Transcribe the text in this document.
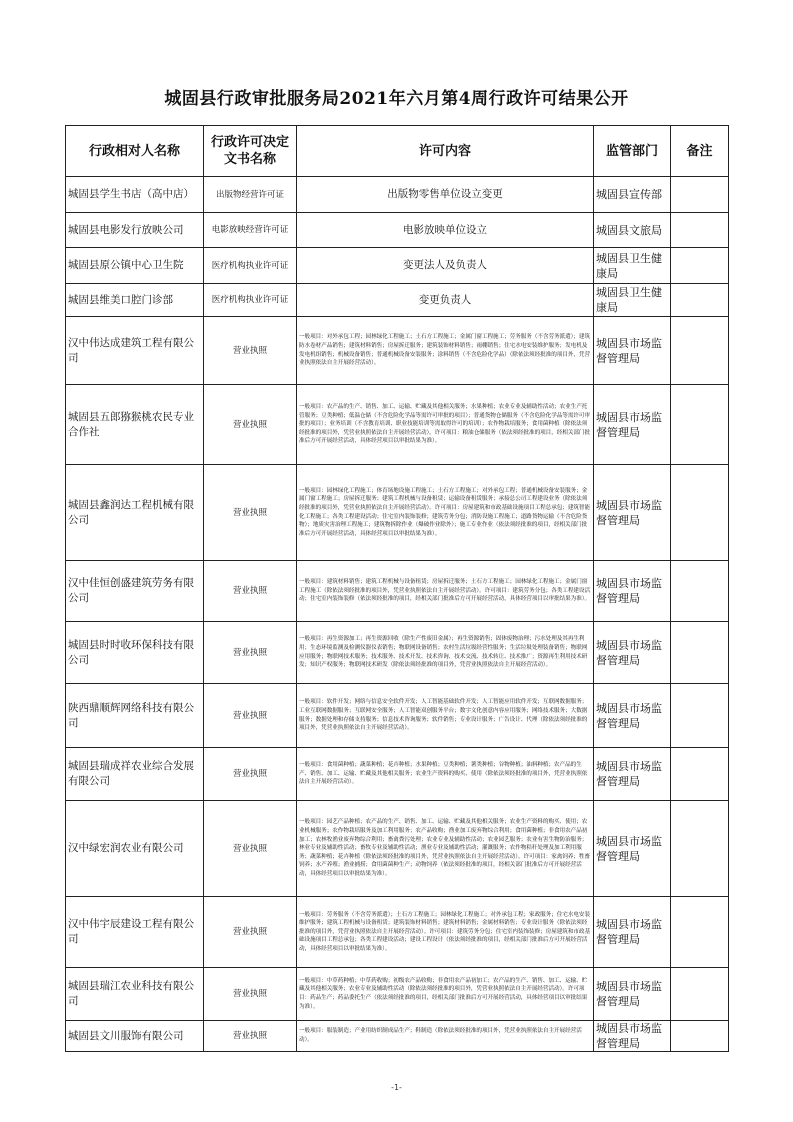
城固县行政审批服务局2021年六月第4周行政许可结果公开
行政相对人名称	行政许可决定
文书名称	许可内容	监管部门	备注
城固县学生书店（高中店）	出版物经营许可证	出版物零售单位设立变更	城固县宣传部	
城固县电影发行放映公司	电影放映经营许可证	电影放映单位设立	城固县文旅局	
城固县原公镇中心卫生院	医疗机构执业许可证	变更法人及负责人	城固县卫生健康局	
城固县维美口腔门诊部	医疗机构执业许可证	变更负责人	城固县卫生健康局	
汉中伟达成建筑工程有限公司	营业执照	一般项目：对外承包工程；园林绿化工程施工；土石方工程施工；金属门窗工程施工；劳务服务（不含劳务派遣）；建筑防水卷材产品销售；建筑材料销售；房屋拆迁服务；建筑装饰材料销售；雨棚销售；住宅水电安装维护服务；发电机及发电机组销售；机械设备销售；普通机械设备安装服务；涂料销售（不含危险化学品）（除依法须经批准的项目外，凭营业执照依法自主开展经营活动）。	城固县市场监督管理局	
城固县五郎猕猴桃农民专业合作社	营业执照	一般项目：农产品的生产、销售、加工、运输、贮藏及其他相关服务；水果种植；农业专业及辅助性活动；农业生产托管服务；豆类种植；低温仓储（不含危险化学品等需许可审批的项目）；普通货物仓储服务（不含危险化学品等需许可审批的项目）；业务培训（不含教育培训、职业技能培训等需取得许可的培训）；农作物栽培服务；食用菌种植（除依法须经批准的项目外，凭营业执照依法自主开展经营活动）。许可项目：粮油仓储服务（依法须经批准的项目，经相关部门批准后方可开展经营活动，具体经营项目以审批结果为准）。	城固县市场监督管理局	
城固县鑫润达工程机械有限公司	营业执照	一般项目：园林绿化工程施工；体育场地设施工程施工；土石方工程施工；对外承包工程；普通机械设备安装服务；金属门窗工程施工；房屋拆迁服务；建筑工程机械与设备租赁；运输设备租赁服务；承接总公司工程建设业务（除依法须经批准的项目外，凭营业执照依法自主开展经营活动）。许可项目：房屋建筑和市政基础设施项目工程总承包；建筑智能化工程施工；各类工程建设活动；住宅室内装饰装修；建筑劳务分包；消防设施工程施工；道路货物运输（不含危险货物）；地质灾害治理工程施工；建筑物拆除作业（爆破作业除外）；施工专业作业（依法须经批准的项目，经相关部门批准后方可开展经营活动，具体经营项目以审批结果为准）。	城固县市场监督管理局	
汉中佳恒创盛建筑劳务有限公司	营业执照	一般项目：建筑材料销售；建筑工程机械与设备租赁；房屋拆迁服务；土石方工程施工；园林绿化工程施工；金属门窗工程施工（除依法须经批准的项目外，凭营业执照依法自主开展经营活动）。许可项目：建筑劳务分包；各类工程建设活动；住宅室内装饰装修（依法须经批准的项目，经相关部门批准后方可开展经营活动，具体经营项目以审批结果为准）。	城固县市场监督管理局	
城固县时时收环保科技有限公司	营业执照	一般项目：再生资源加工；再生资源回收（除生产性废旧金属）；再生资源销售；固体废物治理；污水处理及其再生利用；生态环境监测及检测仪器仪表销售；物联网设备销售；农村生活垃圾经营性服务；生活垃圾处理装备销售；物联网应用服务；物联网技术服务；技术服务、技术开发、技术咨询、技术交流、技术转让、技术推广；资源再生利用技术研发；知识产权服务；物联网技术研发（除依法须经批准的项目外，凭营业执照依法自主开展经营活动）。	城固县市场监督管理局	
陕西鼎顺辉网络科技有限公司	营业执照	一般项目：软件开发；网络与信息安全软件开发；人工智能基础软件开发；人工智能应用软件开发；互联网数据服务；工业互联网数据服务；互联网安全服务；人工智能双创服务平台；数字文化创意内容应用服务；网络技术服务；大数据服务；数据处理和存储支持服务；信息技术咨询服务；软件销售；专业设计服务；广告设计、代理（除依法须经批准的项目外，凭营业执照依法自主开展经营活动）。	城固县市场监督管理局	
城固县瑞成祥农业综合发展有限公司	营业执照	一般项目：食用菌种植；蔬菜种植；花卉种植；水果种植；豆类种植；薯类种植；谷物种植；油料种植；农产品的生产、销售、加工、运输、贮藏及其他相关服务；农业生产资料的购买、使用（除依法须经批准的项目外，凭营业执照依法自主开展经营活动）。	城固县市场监督管理局	
汉中绿宏润农业有限公司	营业执照	一般项目：园艺产品种植；农产品的生产、销售、加工、运输、贮藏及其他相关服务；农业生产资料的购买、使用；农业机械服务；农作物栽培服务及加工利用服务；农产品收购；渔业加工废弃物综合利用；食用菌种植；非食用农产品初加工；农林牧渔业废弃物综合利用；畜禽粪污处理；农业专业及辅助性活动；农业园艺服务；农业有害生物防治服务；林业专业及辅助性活动；畜牧专业及辅助性活动；渔业专业及辅助性活动；灌溉服务；农作物秸秆处理及加工利用服务；蔬菜种植；花卉种植（除依法须经批准的项目外，凭营业执照依法自主开展经营活动）。许可项目：家禽饲养；牲畜饲养；水产养殖；渔业捕捞；食用菌菌种生产；动物饲养（依法须经批准的项目，经相关部门批准后方可开展经营活动，具体经营项目以审批结果为准）。	城固县市场监督管理局	
汉中伟宇辰建设工程有限公司	营业执照	一般项目：劳务服务（不含劳务派遣）；土石方工程施工；园林绿化工程施工；对外承包工程；家政服务；住宅水电安装维护服务；建筑工程机械与设备租赁；建筑装饰材料销售；建筑材料销售；金属材料销售；专业设计服务（除依法须经批准的项目外，凭营业执照依法自主开展经营活动）。许可项目：建筑劳务分包；住宅室内装饰装修；房屋建筑和市政基础设施项目工程总承包；各类工程建设活动；建设工程设计（依法须经批准的项目，经相关部门批准后方可开展经营活动，具体经营项目以审批结果为准）。	城固县市场监督管理局	
城固县瑞江农业科技有限公司	营业执照	一般项目：中草药种植；中草药收购；初级农产品收购；非食用农产品初加工；农产品的生产、销售、加工、运输、贮藏及其他相关服务；农业专业及辅助性活动（除依法须经批准的项目外，凭营业执照依法自主开展经营活动）。许可项目：药品生产；药品委托生产（依法须经批准的项目，经相关部门批准后方可开展经营活动，具体经营项目以审批结果为准）。	城固县市场监督管理局	
城固县文川服饰有限公司	营业执照	一般项目：服装制造；产业用纺织制成品生产；鞋制造（除依法须经批准的项目外，凭营业执照依法自主开展经营活动）。	城固县市场监督管理局	
-1-
